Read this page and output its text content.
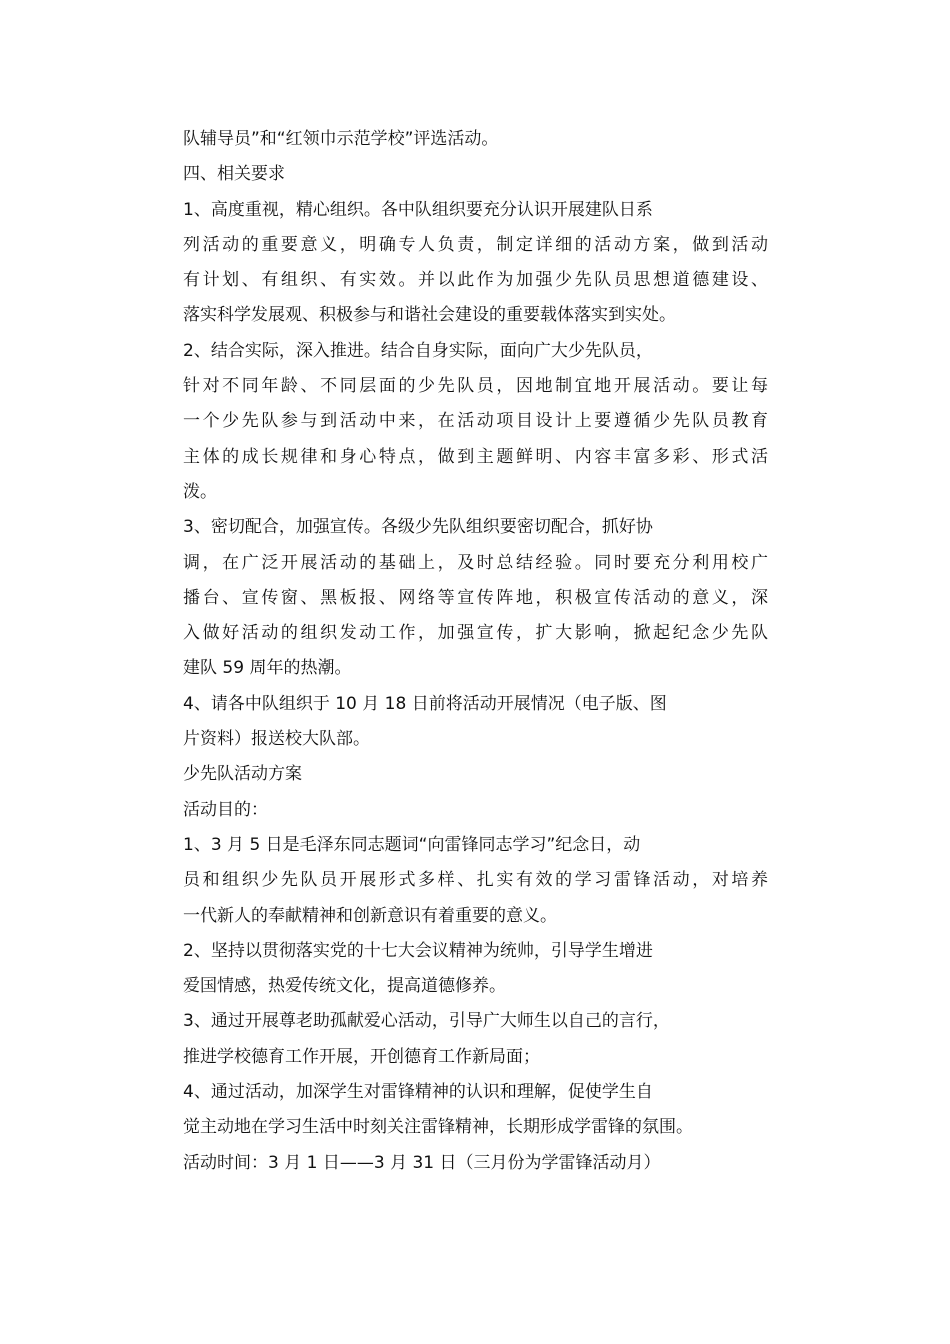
队辅导员”和“红领巾示范学校”评选活动。
四、相关要求
1、高度重视，精心组织。各中队组织要充分认识开展建队日系
列活动的重要意义，明确专人负责，制定详细的活动方案，做到活动
有计划、有组织、有实效。并以此作为加强少先队员思想道德建设、
落实科学发展观、积极参与和谐社会建设的重要载体落实到实处。
2、结合实际，深入推进。结合自身实际，面向广大少先队员，
针对不同年龄、不同层面的少先队员，因地制宜地开展活动。要让每
一个少先队参与到活动中来，在活动项目设计上要遵循少先队员教育
主体的成长规律和身心特点，做到主题鲜明、内容丰富多彩、形式活
泼。
3、密切配合，加强宣传。各级少先队组织要密切配合，抓好协
调，在广泛开展活动的基础上，及时总结经验。同时要充分利用校广
播台、宣传窗、黑板报、网络等宣传阵地，积极宣传活动的意义，深
入做好活动的组织发动工作，加强宣传，扩大影响，掀起纪念少先队
建队 59 周年的热潮。
4、请各中队组织于 10 月 18 日前将活动开展情况（电子版、图
片资料）报送校大队部。
少先队活动方案
活动目的：
1、3 月 5 日是毛泽东同志题词“向雷锋同志学习”纪念日，动
员和组织少先队员开展形式多样、扎实有效的学习雷锋活动，对培养
一代新人的奉献精神和创新意识有着重要的意义。
2、坚持以贯彻落实党的十七大会议精神为统帅，引导学生增进
爱国情感，热爱传统文化，提高道德修养。
3、通过开展尊老助孤献爱心活动，引导广大师生以自己的言行，
推进学校德育工作开展，开创德育工作新局面；
4、通过活动，加深学生对雷锋精神的认识和理解，促使学生自
觉主动地在学习生活中时刻关注雷锋精神，长期形成学雷锋的氛围。
活动时间：3 月 1 日——3 月 31 日（三月份为学雷锋活动月）
